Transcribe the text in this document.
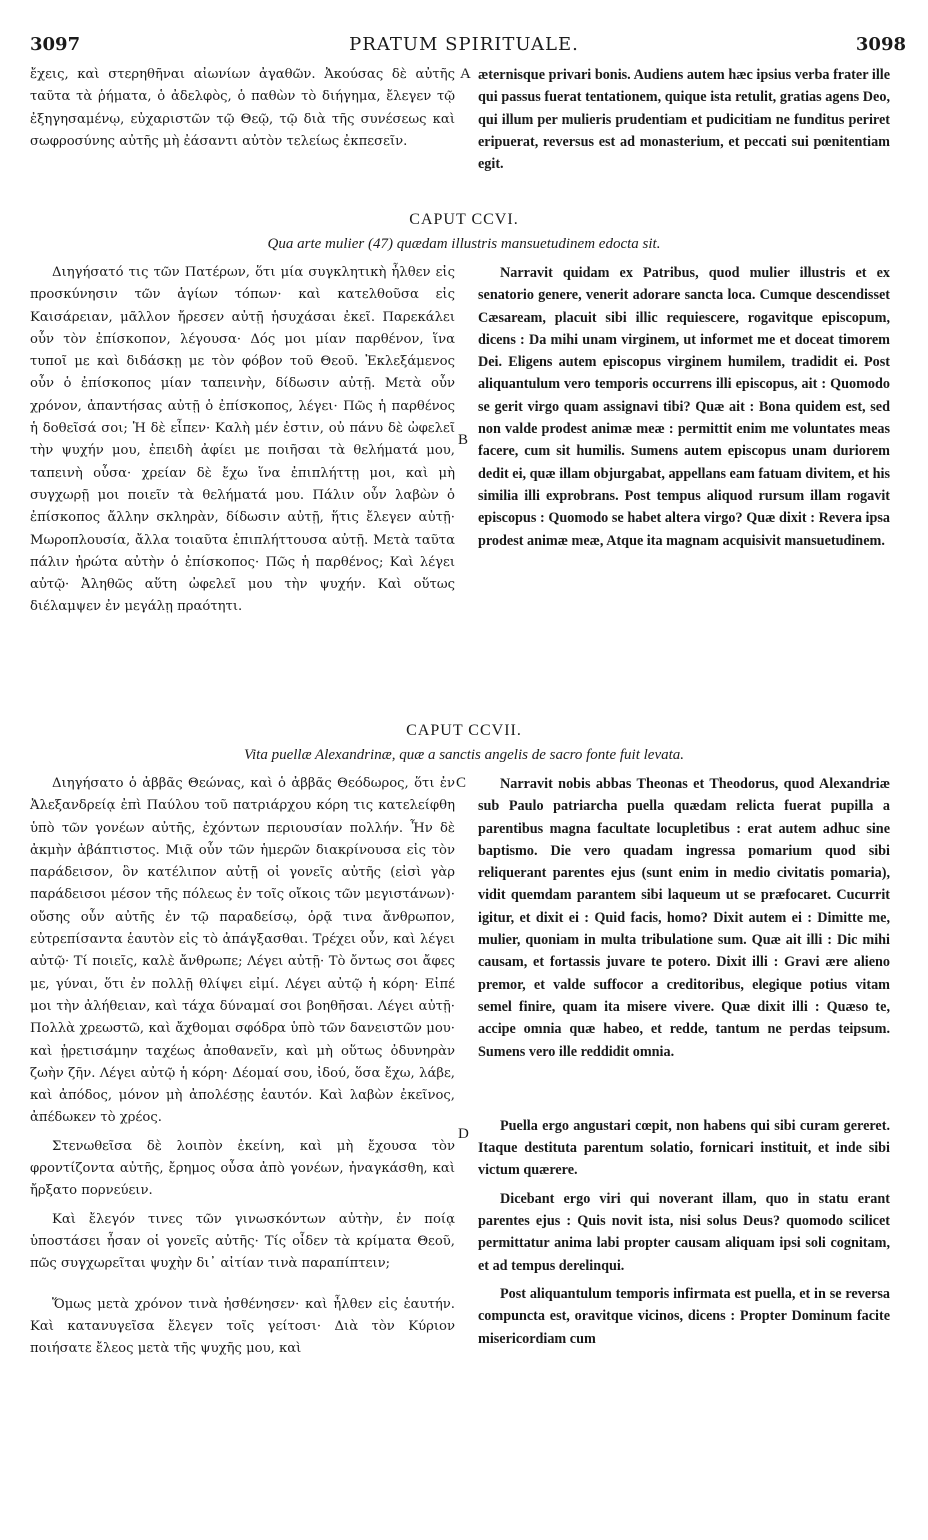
3097	PRATUM SPIRITUALE.	3098

ἔχεις, καὶ στερηθῆναι αἰωνίων ἀγαθῶν. Ἀκούσας δὲ αὐτῆς ταῦτα τὰ ῥήματα, ὁ ἀδελφὸς, ὁ παθὼν τὸ διήγημα, ἔλεγεν τῷ ἐξηγησαμένῳ, εὐχαριστῶν τῷ Θεῷ, τῷ διὰ τῆς συνέσεως καὶ σωφροσύνης αὐτῆς μὴ ἐάσαντι αὐτὸν τελείως ἐκπεσεῖν.

A æternisque privari bonis. Audiens autem hæc ipsius verba frater ille qui passus fuerat tentationem, quique ista retulit, gratias agens Deo, qui illum per mulieris prudentiam et pudicitiam ne funditus periret eripuerat, reversus est ad monasterium, et peccati sui pœnitentiam egit.

CAPUT CCVI.
Qua arte mulier (47) quædam illustris mansuetudinem edocta sit.

Διηγήσατό τις τῶν Πατέρων, ὅτι μία συγκλητικὴ ἦλθεν εἰς προσκύνησιν τῶν ἁγίων τόπων· καὶ κατελθοῦσα εἰς Καισάρειαν, μᾶλλον ἤρεσεν αὐτῇ ἡσυχάσαι ἐκεῖ. Παρεκάλει οὖν τὸν ἐπίσκοπον, λέγουσα· Δός μοι μίαν παρθένον, ἵνα τυποῖ με καὶ διδάσκῃ με τὸν φόβον τοῦ Θεοῦ. Ἐκλεξάμενος οὖν ὁ ἐπίσκοπος μίαν ταπεινὴν, δίδωσιν αὐτῇ. Μετὰ οὖν χρόνον, ἀπαντήσας αὐτῇ ὁ ἐπίσκοπος, λέγει· Πῶς ἡ παρθένος ἡ δοθεῖσά σοι; Ἡ δὲ εἶπεν· Καλὴ μέν ἐστιν, οὐ πάνυ δὲ ὠφελεῖ τὴν ψυχήν μου, ἐπειδὴ ἀφίει με ποιῆσαι τὰ θελήματά μου, ταπεινὴ οὖσα· χρείαν δὲ ἔχω ἵνα ἐπιπλήττῃ μοι, καὶ μὴ συγχωρῇ μοι ποιεῖν τὰ θελήματά μου. Πάλιν οὖν λαβὼν ὁ ἐπίσκοπος ἄλλην σκληρὰν, δίδωσιν αὐτῇ, ἥτις ἔλεγεν αὐτῇ· Μωροπλουσία, ἄλλα τοιαῦτα ἐπιπλήττουσα αὐτῇ. Μετὰ ταῦτα πάλιν ἠρώτα αὐτὴν ὁ ἐπίσκοπος· Πῶς ἡ παρθένος; Καὶ λέγει αὐτῷ· Ἀληθῶς αὕτη ὠφελεῖ μου τὴν ψυχήν. Καὶ οὕτως διέλαμψεν ἐν μεγάλῃ πραότητι.

B

Narravit quidam ex Patribus, quod mulier illustris et ex senatorio genere, venerit adorare sancta loca. Cumque descendisset Cæsaream, placuit sibi illic requiescere, rogavitque episcopum, dicens : Da mihi unam virginem, ut informet me et doceat timorem Dei. Eligens autem episcopus virginem humilem, tradidit ei. Post aliquantulum vero temporis occurrens illi episcopus, ait : Quomodo se gerit virgo quam assignavi tibi? Quæ ait : Bona quidem est, sed non valde prodest animæ meæ : permittit enim me voluntates meas facere, cum sit humilis. Sumens autem episcopus unam duriorem dedit ei, quæ illam objurgabat, appellans eam fatuam divitem, et his similia illi exprobrans. Post tempus aliquod rursum illam rogavit episcopus : Quomodo se habet altera virgo? Quæ dixit : Revera ipsa prodest animæ meæ, Atque ita magnam acquisivit mansuetudinem.

CAPUT CCVII.
Vita puellæ Alexandrinæ, quæ a sanctis angelis de sacro fonte fuit levata.

Διηγήσατο ὁ ἀββᾶς Θεώνας, καὶ ὁ ἀββᾶς Θεόδωρος, ὅτι ἐν Ἀλεξανδρείᾳ ἐπὶ Παύλου τοῦ πατριάρχου κόρη τις κατελείφθη ὑπὸ τῶν γονέων αὐτῆς, ἐχόντων περιουσίαν πολλήν. Ἦν δὲ ἀκμὴν ἀβάπτιστος. Μιᾷ οὖν τῶν ἡμερῶν διακρίνουσα εἰς τὸν παράδεισον, ὃν κατέλιπον αὐτῇ οἱ γονεῖς αὐτῆς (εἰσὶ γὰρ παράδεισοι μέσον τῆς πόλεως ἐν τοῖς οἴκοις τῶν μεγιστάνων)· οὔσης οὖν αὐτῆς ἐν τῷ παραδείσῳ, ὁρᾷ τινα ἄνθρωπον, εὐτρεπίσαντα ἑαυτὸν εἰς τὸ ἀπάγξασθαι. Τρέχει οὖν, καὶ λέγει αὐτῷ· Τί ποιεῖς, καλὲ ἄνθρωπε; Λέγει αὐτῇ· Τὸ ὄντως σοι ἄφες με, γύναι, ὅτι ἐν πολλῇ θλίψει εἰμί. Λέγει αὐτῷ ἡ κόρη· Εἰπέ μοι τὴν ἀλήθειαν, καὶ τάχα δύναμαί σοι βοηθῆσαι. Λέγει αὐτῇ· Πολλὰ χρεωστῶ, καὶ ἄχθομαι σφόδρα ὑπὸ τῶν δανειστῶν μου· καὶ ᾑρετισάμην ταχέως ἀποθανεῖν, καὶ μὴ οὕτως ὀδυνηρὰν ζωὴν ζῆν. Λέγει αὐτῷ ἡ κόρη· Δέομαί σου, ἰδού, ὅσα ἔχω, λάβε, καὶ ἀπόδος, μόνον μὴ ἀπολέσῃς ἑαυτόν. Καὶ λαβὼν ἐκεῖνος, ἀπέδωκεν τὸ χρέος.

Στενωθεῖσα δὲ λοιπὸν ἐκείνη, καὶ μὴ ἔχουσα τὸν φροντίζοντα αὐτῆς, ἔρημος οὖσα ἀπὸ γονέων, ἠναγκάσθη, καὶ ἤρξατο πορνεύειν.

Καὶ ἔλεγόν τινες τῶν γινωσκόντων αὐτὴν, ἐν ποίᾳ ὑποστάσει ἦσαν οἱ γονεῖς αὐτῆς· Τίς οἶδεν τὰ κρίματα Θεοῦ, πῶς συγχωρεῖται ψυχὴν δι᾽ αἰτίαν τινὰ παραπίπτειν;

Ὅμως μετὰ χρόνον τινὰ ἠσθένησεν· καὶ ἦλθεν εἰς ἑαυτήν. Καὶ κατανυγεῖσα ἔλεγεν τοῖς γείτοσι· Διὰ τὸν Κύριον ποιήσατε ἔλεος μετὰ τῆς ψυχῆς μου, καὶ

C
D

Narravit nobis abbas Theonas et Theodorus, quod Alexandriæ sub Paulo patriarcha puella quædam relicta fuerat pupilla a parentibus magna facultate locupletibus : erat autem adhuc sine baptismo. Die vero quadam ingressa pomarium quod sibi reliquerant parentes ejus (sunt enim in medio civitatis pomaria), vidit quemdam parantem sibi laqueum ut se præfocaret. Cucurrit igitur, et dixit ei : Quid facis, homo? Dixit autem ei : Dimitte me, mulier, quoniam in multa tribulatione sum. Quæ ait illi : Dic mihi causam, et fortassis juvare te potero. Dixit illi : Gravi ære alieno premor, et valde suffocor a creditoribus, elegique potius vitam semel finire, quam ita misere vivere. Quæ dixit illi : Quæso te, accipe omnia quæ habeo, et redde, tantum ne perdas teipsum. Sumens vero ille reddidit omnia.

Puella ergo angustari cœpit, non habens qui sibi curam gereret. Itaque destituta parentum solatio, fornicari instituit, et inde sibi victum quærere.

Dicebant ergo viri qui noverant illam, quo in statu erant parentes ejus : Quis novit ista, nisi solus Deus? quomodo scilicet permittatur anima labi propter causam aliquam ipsi soli cognitam, et ad tempus derelinqui.

Post aliquantulum temporis infirmata est puella, et in se reversa compuncta est, oravitque vicinos, dicens : Propter Dominum facite misericordiam cum
